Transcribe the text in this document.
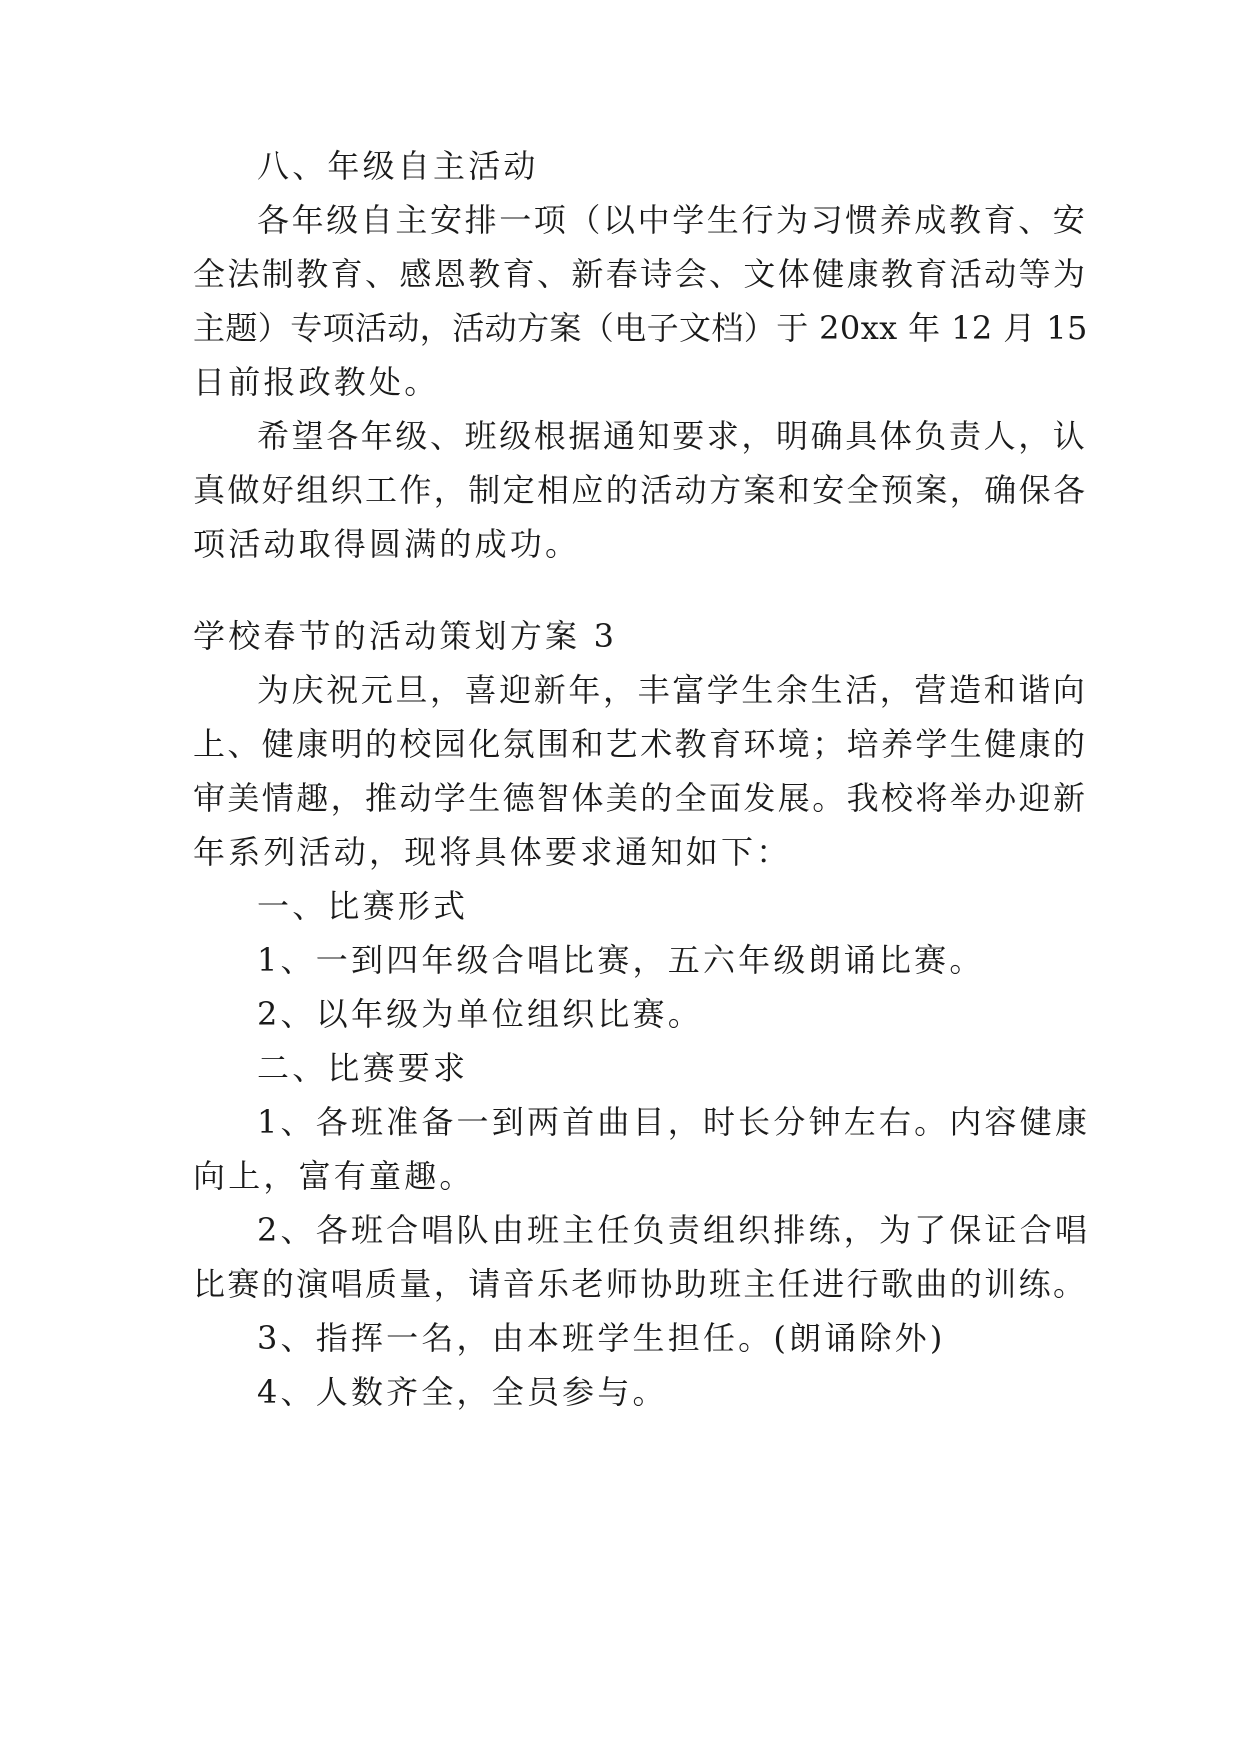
八、年级自主活动
各年级自主安排一项（以中学生行为习惯养成教育、安
全法制教育、感恩教育、新春诗会、文体健康教育活动等为
主题）专项活动，活动方案（电子文档）于 20xx 年 12 月 15
日前报政教处。
希望各年级、班级根据通知要求，明确具体负责人，认
真做好组织工作，制定相应的活动方案和安全预案，确保各
项活动取得圆满的成功。
学校春节的活动策划方案 3
为庆祝元旦，喜迎新年，丰富学生余生活，营造和谐向
上、健康明的校园化氛围和艺术教育环境；培养学生健康的
审美情趣，推动学生德智体美的全面发展。我校将举办迎新
年系列活动，现将具体要求通知如下：
一、比赛形式
1、一到四年级合唱比赛，五六年级朗诵比赛。
2、以年级为单位组织比赛。
二、比赛要求
1、各班准备一到两首曲目，时长分钟左右。内容健康
向上，富有童趣。
2、各班合唱队由班主任负责组织排练，为了保证合唱
比赛的演唱质量，请音乐老师协助班主任进行歌曲的训练。
3、指挥一名，由本班学生担任。(朗诵除外)
4、人数齐全，全员参与。
